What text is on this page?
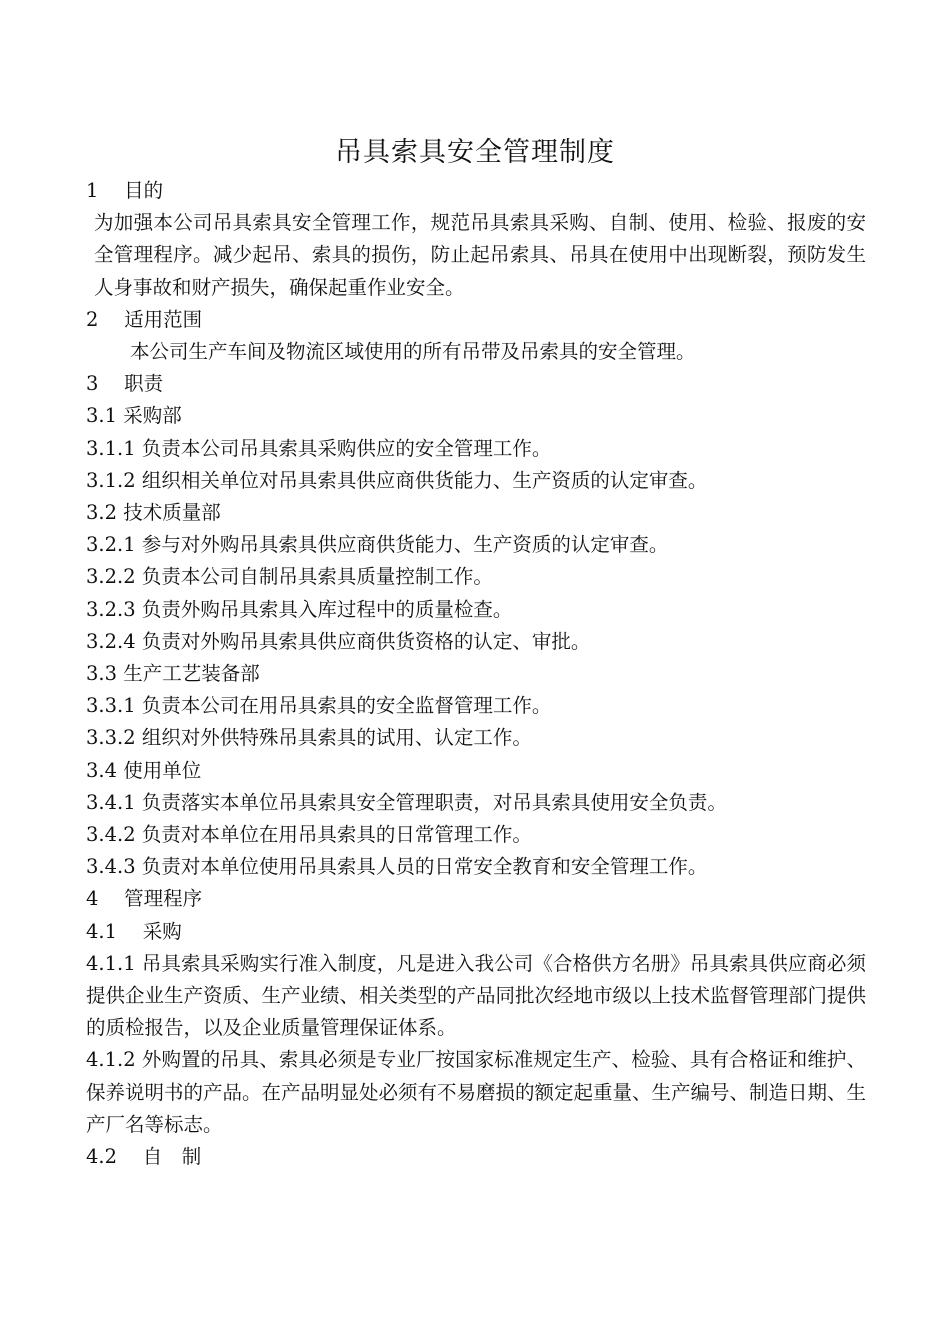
吊具索具安全管理制度
1　 目的
为加强本公司吊具索具安全管理工作，规范吊具索具采购、自制、使用、检验、报废的安全管理程序。减少起吊、索具的损伤，防止起吊索具、吊具在使用中出现断裂，预防发生人身事故和财产损失，确保起重作业安全。
2　 适用范围
本公司生产车间及物流区域使用的所有吊带及吊索具的安全管理。
3　 职责
3.1 采购部
3.1.1 负责本公司吊具索具采购供应的安全管理工作。
3.1.2 组织相关单位对吊具索具供应商供货能力、生产资质的认定审查。
3.2 技术质量部
3.2.1 参与对外购吊具索具供应商供货能力、生产资质的认定审查。
3.2.2 负责本公司自制吊具索具质量控制工作。
3.2.3 负责外购吊具索具入库过程中的质量检查。
3.2.4 负责对外购吊具索具供应商供货资格的认定、审批。
3.3 生产工艺装备部
3.3.1 负责本公司在用吊具索具的安全监督管理工作。
3.3.2 组织对外供特殊吊具索具的试用、认定工作。
3.4 使用单位
3.4.1 负责落实本单位吊具索具安全管理职责，对吊具索具使用安全负责。
3.4.2 负责对本单位在用吊具索具的日常管理工作。
3.4.3 负责对本单位使用吊具索具人员的日常安全教育和安全管理工作。
4　 管理程序
4.1　 采购
4.1.1 吊具索具采购实行准入制度，凡是进入我公司《合格供方名册》吊具索具供应商必须提供企业生产资质、生产业绩、相关类型的产品同批次经地市级以上技术监督管理部门提供的质检报告，以及企业质量管理保证体系。
4.1.2 外购置的吊具、索具必须是专业厂按国家标准规定生产、检验、具有合格证和维护、保养说明书的产品。在产品明显处必须有不易磨损的额定起重量、生产编号、制造日期、生产厂名等标志。
4.2　 自　制
